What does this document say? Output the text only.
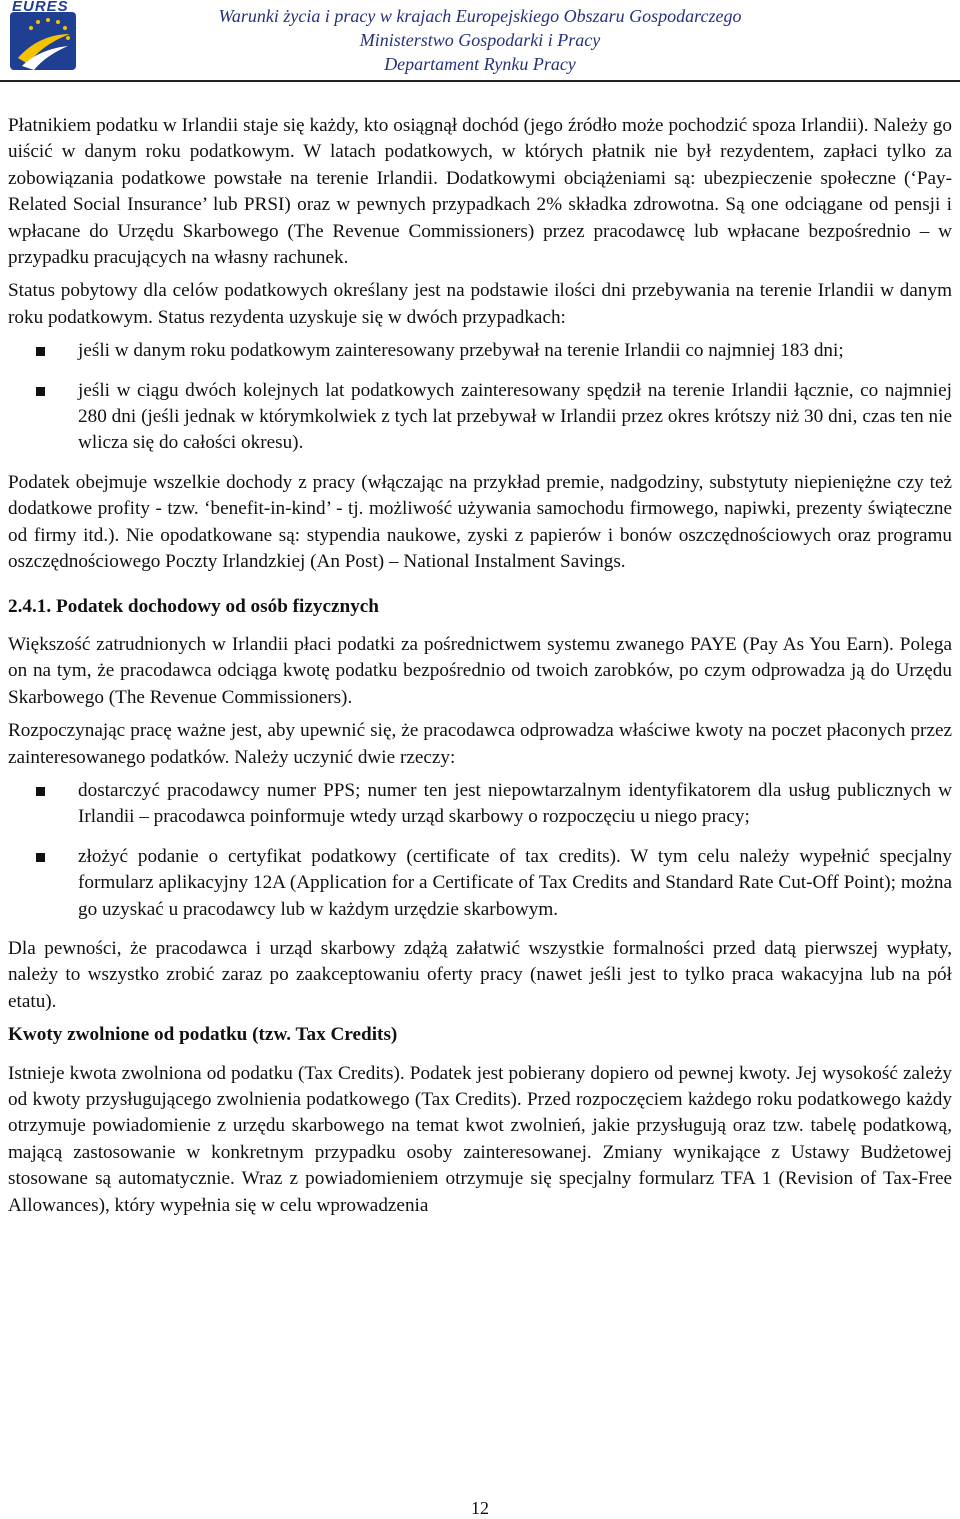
EURES	Warunki życia i pracy w krajach Europejskiego Obszaru Gospodarczego
Ministerstwo Gospodarki i Pracy
Departament Rynku Pracy

Płatnikiem podatku w Irlandii staje się każdy, kto osiągnął dochód (jego źródło może pochodzić spoza Irlandii). Należy go uiścić w danym roku podatkowym. W latach podatkowych, w których płatnik nie był rezydentem, zapłaci tylko za zobowiązania podatkowe powstałe na terenie Irlandii. Dodatkowymi obciążeniami są: ubezpieczenie społeczne (‘Pay-Related Social Insurance’ lub PRSI) oraz w pewnych przypadkach 2% składka zdrowotna. Są one odciągane od pensji i wpłacane do Urzędu Skarbowego (The Revenue Commissioners) przez pracodawcę lub wpłacane bezpośrednio – w przypadku pracujących na własny rachunek.

Status pobytowy dla celów podatkowych określany jest na podstawie ilości dni przebywania na terenie Irlandii w danym roku podatkowym. Status rezydenta uzyskuje się w dwóch przypadkach:

jeśli w danym roku podatkowym zainteresowany przebywał na terenie Irlandii co najmniej 183 dni;
jeśli w ciągu dwóch kolejnych lat podatkowych zainteresowany spędził na terenie Irlandii łącznie, co najmniej 280 dni (jeśli jednak w którymkolwiek z tych lat przebywał w Irlandii przez okres krótszy niż 30 dni, czas ten nie wlicza się do całości okresu).

Podatek obejmuje wszelkie dochody z pracy (włączając na przykład premie, nadgodziny, substytuty niepieniężne czy też dodatkowe profity - tzw. ‘benefit-in-kind’ - tj. możliwość używania samochodu firmowego, napiwki, prezenty świąteczne od firmy itd.). Nie opodatkowane są: stypendia naukowe, zyski z papierów i bonów oszczędnościowych oraz programu oszczędnościowego Poczty Irlandzkiej (An Post) – National Instalment Savings.

2.4.1. Podatek dochodowy od osób fizycznych

Większość zatrudnionych w Irlandii płaci podatki za pośrednictwem systemu zwanego PAYE (Pay As You Earn). Polega on na tym, że pracodawca odciąga kwotę podatku bezpośrednio od twoich zarobków, po czym odprowadza ją do Urzędu Skarbowego (The Revenue Commissioners).

Rozpoczynając pracę ważne jest, aby upewnić się, że pracodawca odprowadza właściwe kwoty na poczet płaconych przez zainteresowanego podatków. Należy uczynić dwie rzeczy:

dostarczyć pracodawcy numer PPS; numer ten jest niepowtarzalnym identyfikatorem dla usług publicznych w Irlandii – pracodawca poinformuje wtedy urząd skarbowy o rozpoczęciu u niego pracy;
złożyć podanie o certyfikat podatkowy (certificate of tax credits). W tym celu należy wypełnić specjalny formularz aplikacyjny 12A (Application for a Certificate of Tax Credits and Standard Rate Cut-Off Point); można go uzyskać u pracodawcy lub w każdym urzędzie skarbowym.

Dla pewności, że pracodawca i urząd skarbowy zdążą załatwić wszystkie formalności przed datą pierwszej wypłaty, należy to wszystko zrobić zaraz po zaakceptowaniu oferty pracy (nawet jeśli jest to tylko praca wakacyjna lub na pół etatu).

Kwoty zwolnione od podatku (tzw. Tax Credits)

Istnieje kwota zwolniona od podatku (Tax Credits). Podatek jest pobierany dopiero od pewnej kwoty. Jej wysokość zależy od kwoty przysługującego zwolnienia podatkowego (Tax Credits). Przed rozpoczęciem każdego roku podatkowego każdy otrzymuje powiadomienie z urzędu skarbowego na temat kwot zwolnień, jakie przysługują oraz tzw. tabelę podatkową, mającą zastosowanie w konkretnym przypadku osoby zainteresowanej. Zmiany wynikające z Ustawy Budżetowej stosowane są automatycznie. Wraz z powiadomieniem otrzymuje się specjalny formularz TFA 1 (Revision of Tax-Free Allowances), który wypełnia się w celu wprowadzenia

12
